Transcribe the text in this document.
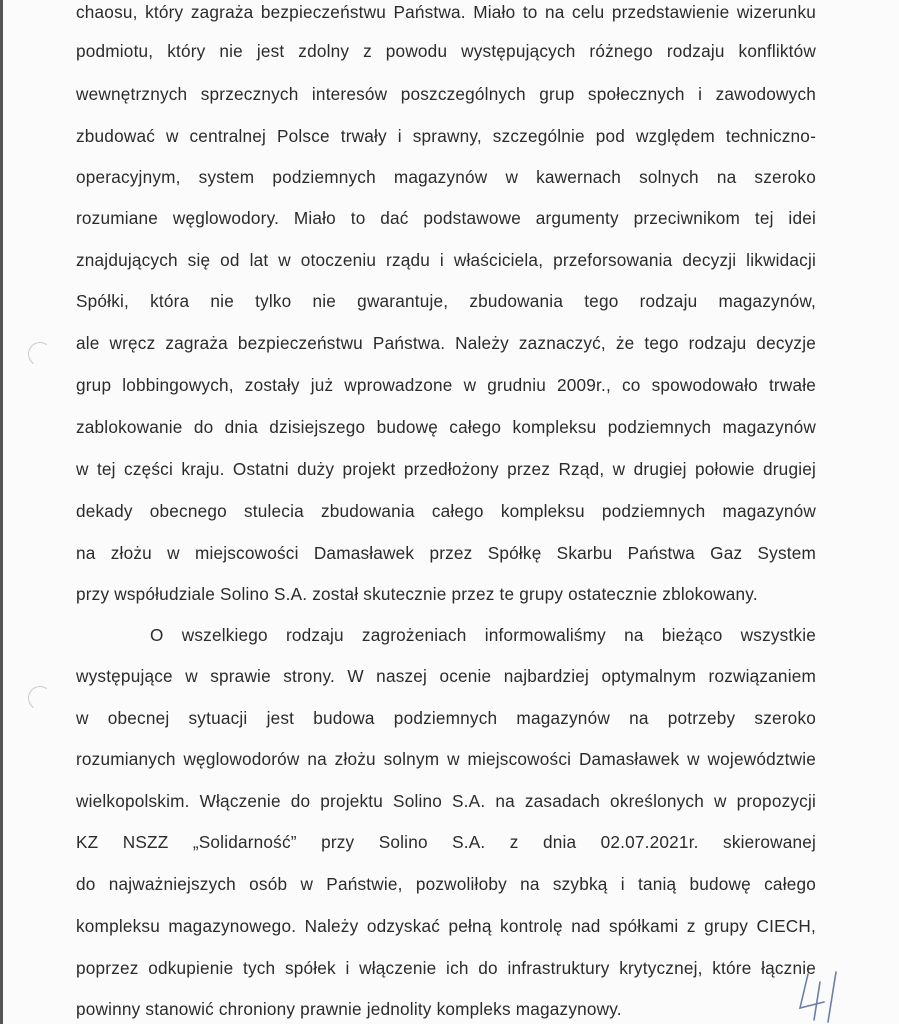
chaosu, który zagraża bezpieczeństwu Państwa. Miało to na celu przedstawienie wizerunku
podmiotu, który nie jest zdolny z powodu występujących różnego rodzaju konfliktów
wewnętrznych sprzecznych interesów poszczególnych grup społecznych i zawodowych
zbudować w centralnej Polsce trwały i sprawny, szczególnie pod względem techniczno-
operacyjnym, system podziemnych magazynów w kawernach solnych na szeroko
rozumiane węglowodory. Miało to dać podstawowe argumenty przeciwnikom tej idei
znajdujących się od lat w otoczeniu rządu i właściciela, przeforsowania decyzji likwidacji
Spółki, która nie tylko nie gwarantuje, zbudowania tego rodzaju magazynów,
ale wręcz zagraża bezpieczeństwu Państwa. Należy zaznaczyć, że tego rodzaju decyzje
grup lobbingowych, zostały już wprowadzone w grudniu 2009r., co spowodowało trwałe
zablokowanie do dnia dzisiejszego budowę całego kompleksu podziemnych magazynów
w tej części kraju. Ostatni duży projekt przedłożony przez Rząd, w drugiej połowie drugiej
dekady obecnego stulecia zbudowania całego kompleksu podziemnych magazynów
na złożu w miejscowości Damasławek przez Spółkę Skarbu Państwa Gaz System
przy współudziale Solino S.A. został skutecznie przez te grupy ostatecznie zblokowany.
O wszelkiego rodzaju zagrożeniach informowaliśmy na bieżąco wszystkie
występujące w sprawie strony. W naszej ocenie najbardziej optymalnym rozwiązaniem
w obecnej sytuacji jest budowa podziemnych magazynów na potrzeby szeroko
rozumianych węglowodorów na złożu solnym w miejscowości Damasławek w województwie
wielkopolskim. Włączenie do projektu Solino S.A. na zasadach określonych w propozycji
KZ NSZZ „Solidarność” przy Solino S.A. z dnia 02.07.2021r. skierowanej
do najważniejszych osób w Państwie, pozwoliłoby na szybką i tanią budowę całego
kompleksu magazynowego. Należy odzyskać pełną kontrolę nad spółkami z grupy CIECH,
poprzez odkupienie tych spółek i włączenie ich do infrastruktury krytycznej, które łącznie
powinny stanowić chroniony prawnie jednolity kompleks magazynowy.
